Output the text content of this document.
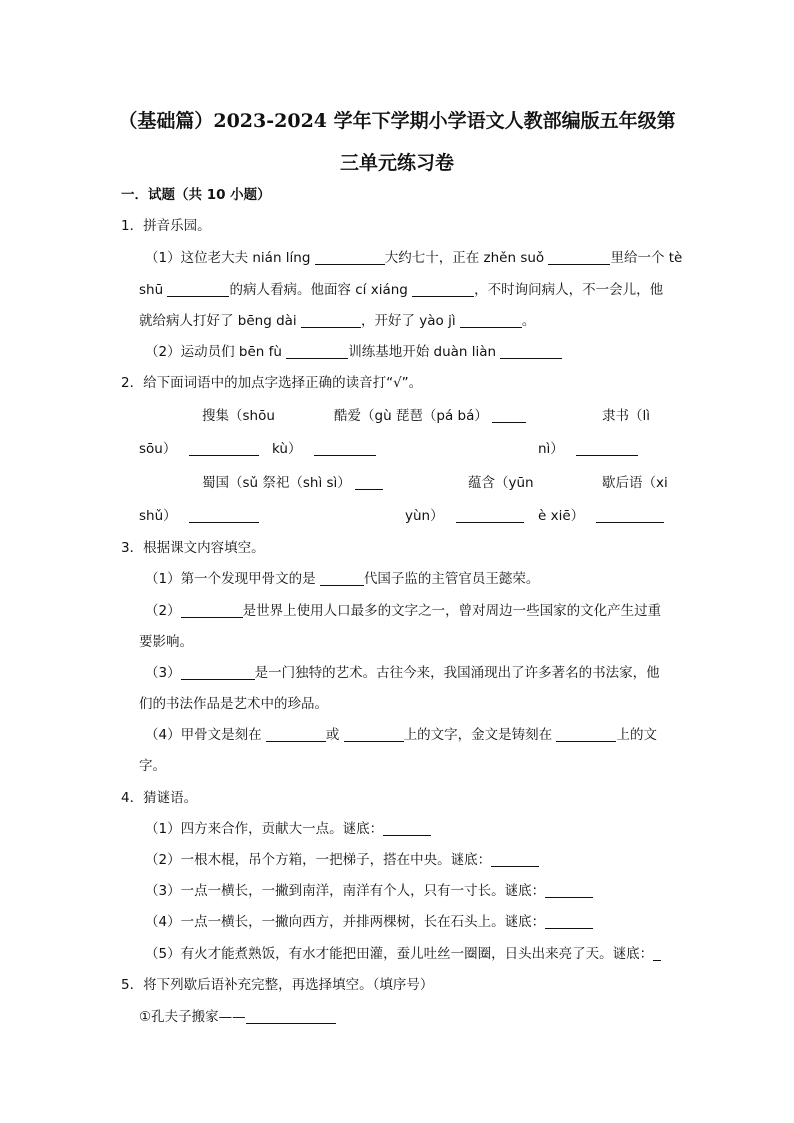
（基础篇）2023-2024 学年下学期小学语文人教部编版五年级第
三单元练习卷
一．试题（共 10 小题）
1．拼音乐园。
（1）这位老大夫 nián líng	大约七十，正在 zhěn suǒ	里给一个 tè
shū	的病人看病。他面容 cí xiáng	，不时询问病人，不一会儿，他
就给病人打好了 bēng dài	，开好了 yào jì	。
（2）运动员们 bēn fù	训练基地开始 duàn liàn
2．给下面词语中的加点字选择正确的读音打“√”。
搜集（shōu	酷爱（gù 琵琶（pá bá）	隶书（lì
sōu）	kù）	nì）
蜀国（sǔ 祭祀（shì sì）	蕴含（yūn	歇后语（xi
shǔ）	yùn）	è xiē）
3．根据课文内容填空。
（1）第一个发现甲骨文的是	代国子监的主管官员王懿荣。
（2）	是世界上使用人口最多的文字之一，曾对周边一些国家的文化产生过重
要影响。
（3）	是一门独特的艺术。古往今来，我国涌现出了许多著名的书法家，他
们的书法作品是艺术中的珍品。
（4）甲骨文是刻在	或	上的文字，金文是铸刻在	上的文
字。
4．猜谜语。
（1）四方来合作，贡献大一点。谜底：
（2）一根木棍，吊个方箱，一把梯子，搭在中央。谜底：
（3）一点一横长，一撇到南洋，南洋有个人，只有一寸长。谜底：
（4）一点一横长，一撇向西方，并排两棵树，长在石头上。谜底：
（5）有火才能煮熟饭，有水才能把田灌，蚕儿吐丝一圈圈，日头出来亮了天。谜底：
5．将下列歇后语补充完整，再选择填空。（填序号）
①孔夫子搬家——
